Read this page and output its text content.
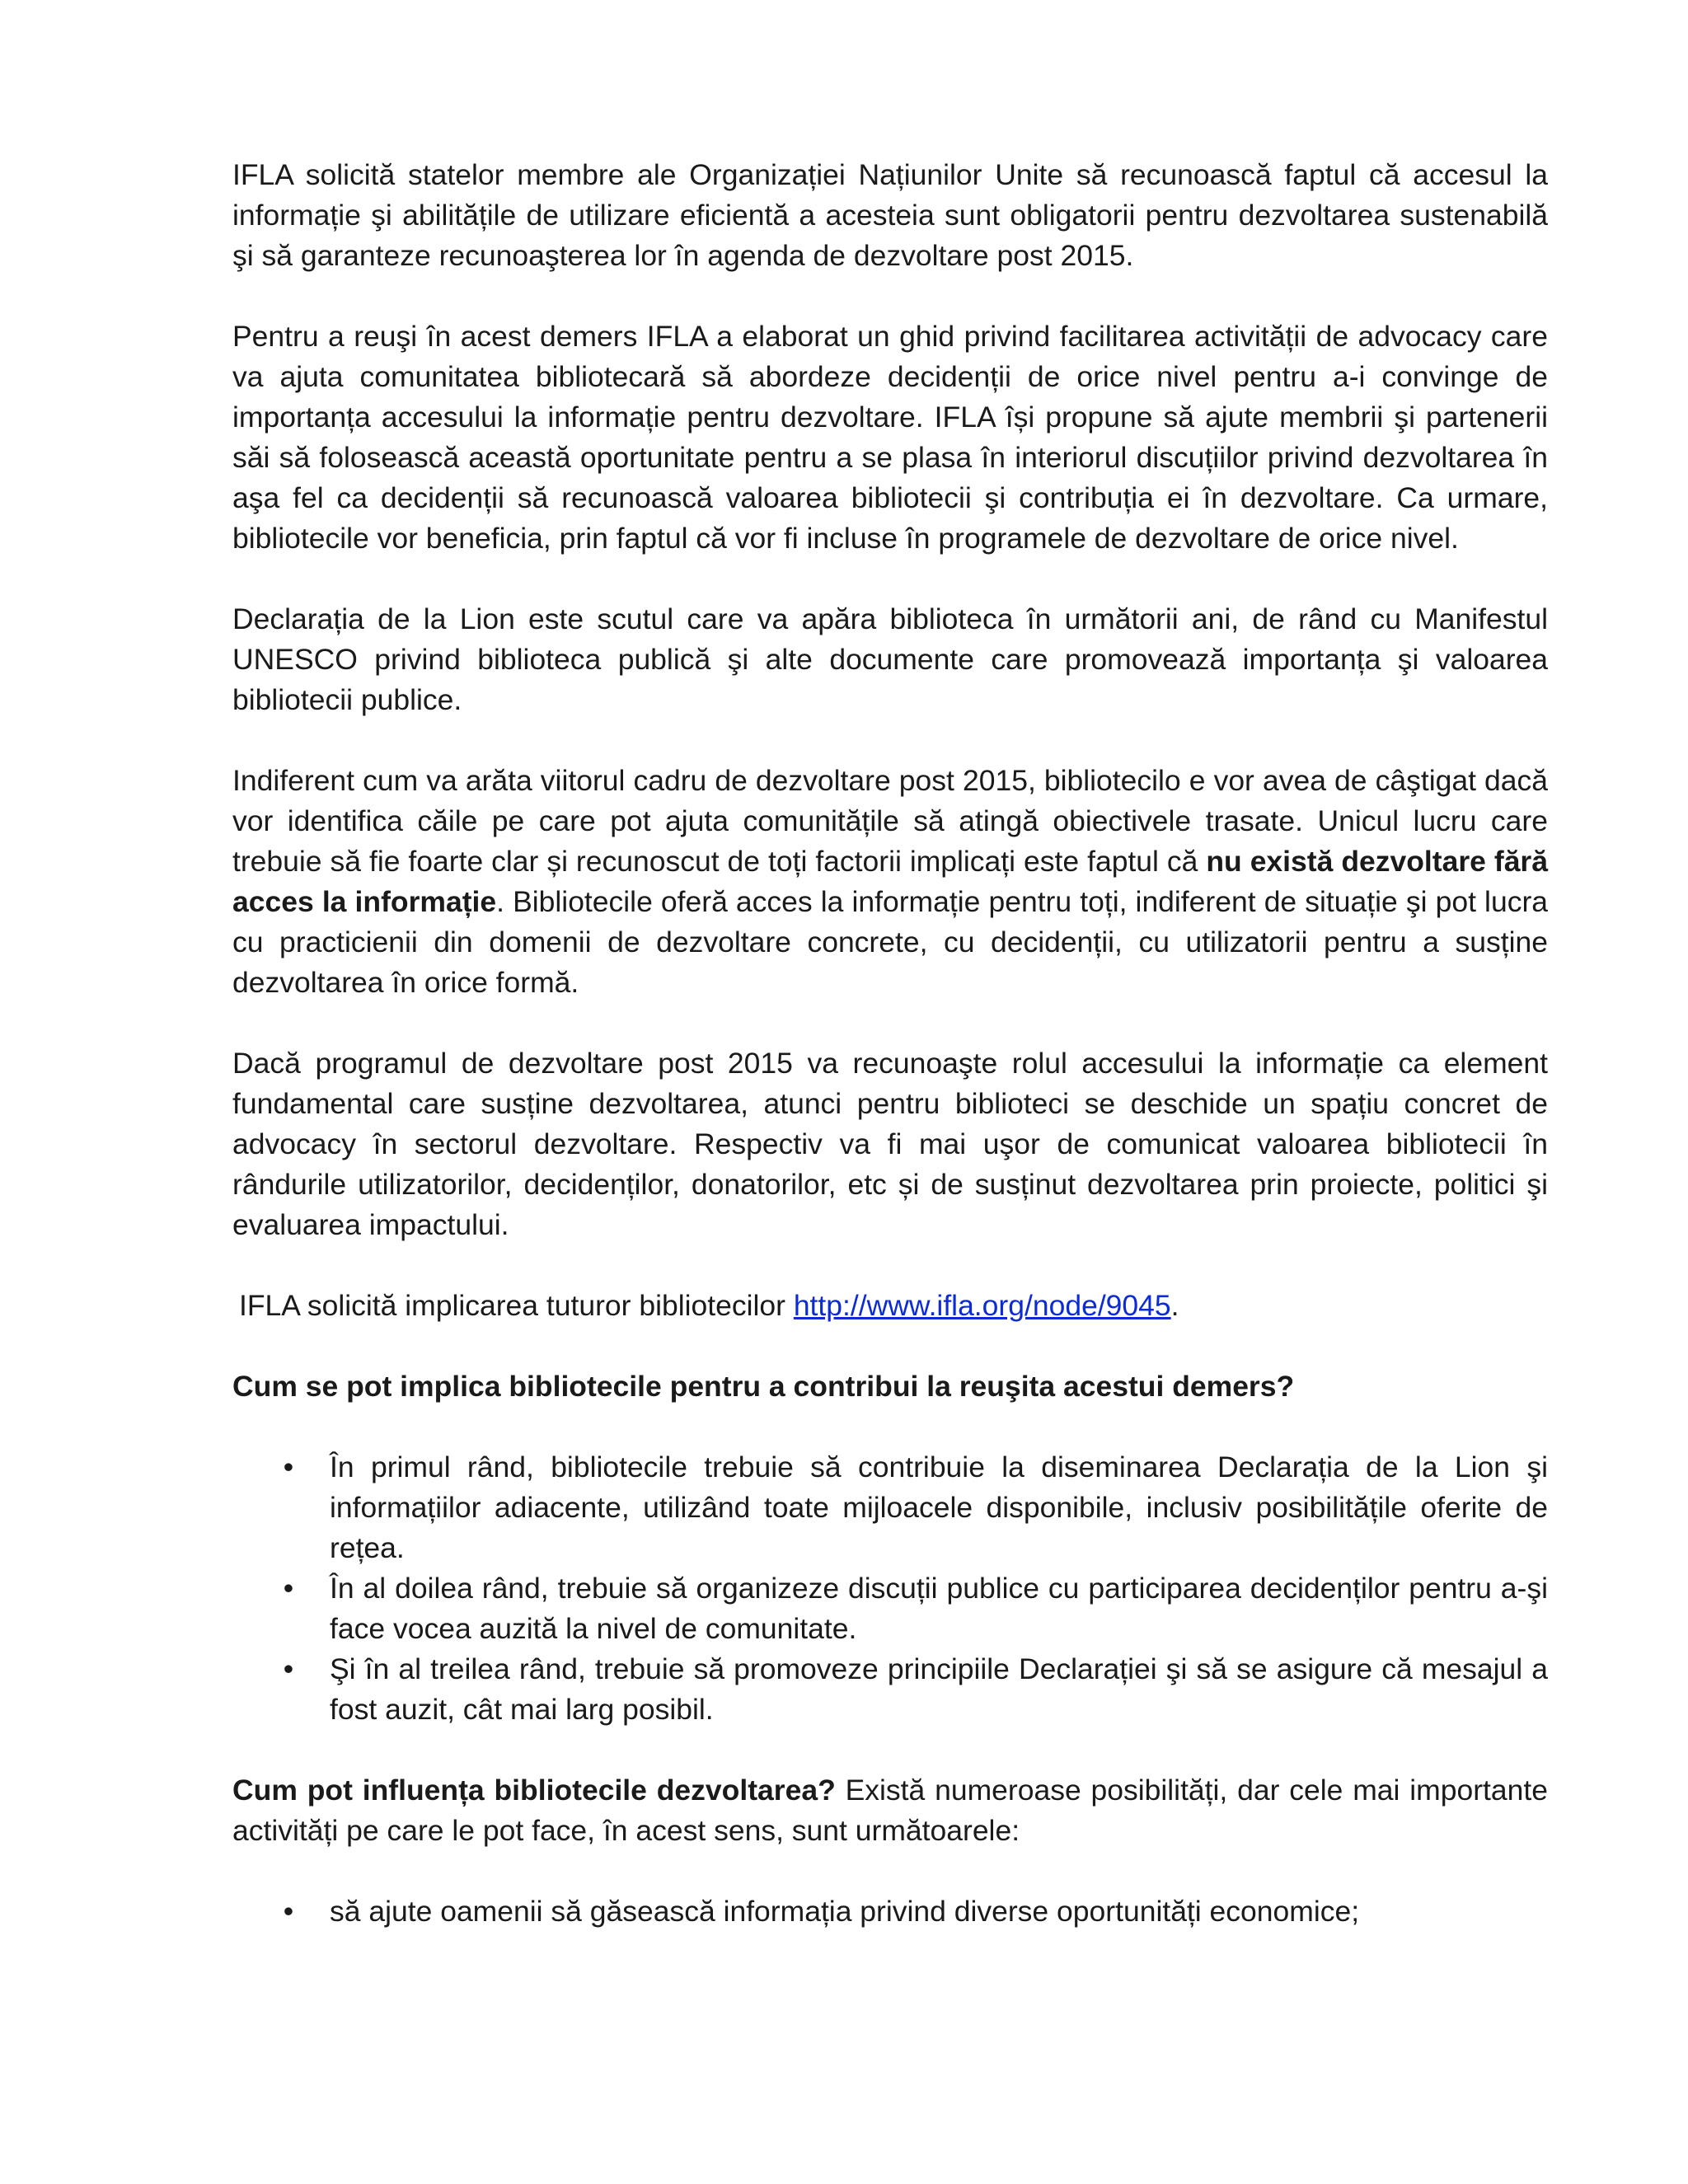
IFLA solicită statelor membre ale Organizației Națiunilor Unite să recunoască faptul că accesul la informație şi abilitățile de utilizare eficientă a acesteia sunt obligatorii pentru dezvoltarea sustenabilă şi să garanteze recunoaşterea lor în agenda de dezvoltare post 2015.

Pentru a reuşi în acest demers IFLA a elaborat un ghid privind facilitarea activității de advocacy care va ajuta comunitatea bibliotecară să abordeze decidenții de orice nivel pentru a-i convinge de importanța accesului la informație pentru dezvoltare. IFLA își propune să ajute membrii şi partenerii săi să folosească această oportunitate pentru a se plasa în interiorul discuțiilor privind dezvoltarea în aşa fel ca decidenții să recunoască valoarea bibliotecii şi contribuția ei în dezvoltare. Ca urmare, bibliotecile vor beneficia, prin faptul că vor fi incluse în programele de dezvoltare de orice nivel.

Declarația de la Lion este scutul care va apăra biblioteca în următorii ani, de rând cu Manifestul UNESCO privind biblioteca publică şi alte documente care promovează importanța şi valoarea bibliotecii publice.

Indiferent cum va arăta viitorul cadru de dezvoltare post 2015, bibliotecilo e vor avea de câştigat dacă vor identifica căile pe care pot ajuta comunitățile să atingă obiectivele trasate. Unicul lucru care trebuie să fie foarte clar și recunoscut de toți factorii implicați este faptul că nu există dezvoltare fără acces la informație. Bibliotecile oferă acces la informație pentru toți, indiferent de situație şi pot lucra cu practicienii din domenii de dezvoltare concrete, cu decidenții, cu utilizatorii pentru a susține dezvoltarea în orice formă.

Dacă programul de dezvoltare post 2015 va recunoaşte rolul accesului la informație ca element fundamental care susține dezvoltarea, atunci pentru biblioteci se deschide un spațiu concret de advocacy în sectorul dezvoltare. Respectiv va fi mai uşor de comunicat valoarea bibliotecii în rândurile utilizatorilor, decidenților, donatorilor, etc și de susținut dezvoltarea prin proiecte, politici şi evaluarea impactului.

IFLA solicită implicarea tuturor bibliotecilor http://www.ifla.org/node/9045.

Cum se pot implica bibliotecile pentru a contribui la reuşita acestui demers?

• În primul rând, bibliotecile trebuie să contribuie la diseminarea Declarația de la Lion şi informațiilor adiacente, utilizând toate mijloacele disponibile, inclusiv posibilitățile oferite de rețea.
• În al doilea rând, trebuie să organizeze discuții publice cu participarea decidenților pentru a-şi face vocea auzită la nivel de comunitate.
• Şi în al treilea rând, trebuie să promoveze principiile Declarației şi să se asigure că mesajul a fost auzit, cât mai larg posibil.

Cum pot influența bibliotecile dezvoltarea? Există numeroase posibilități, dar cele mai importante activități pe care le pot face, în acest sens, sunt următoarele:

• să ajute oamenii să găsească informația privind diverse oportunități economice;
